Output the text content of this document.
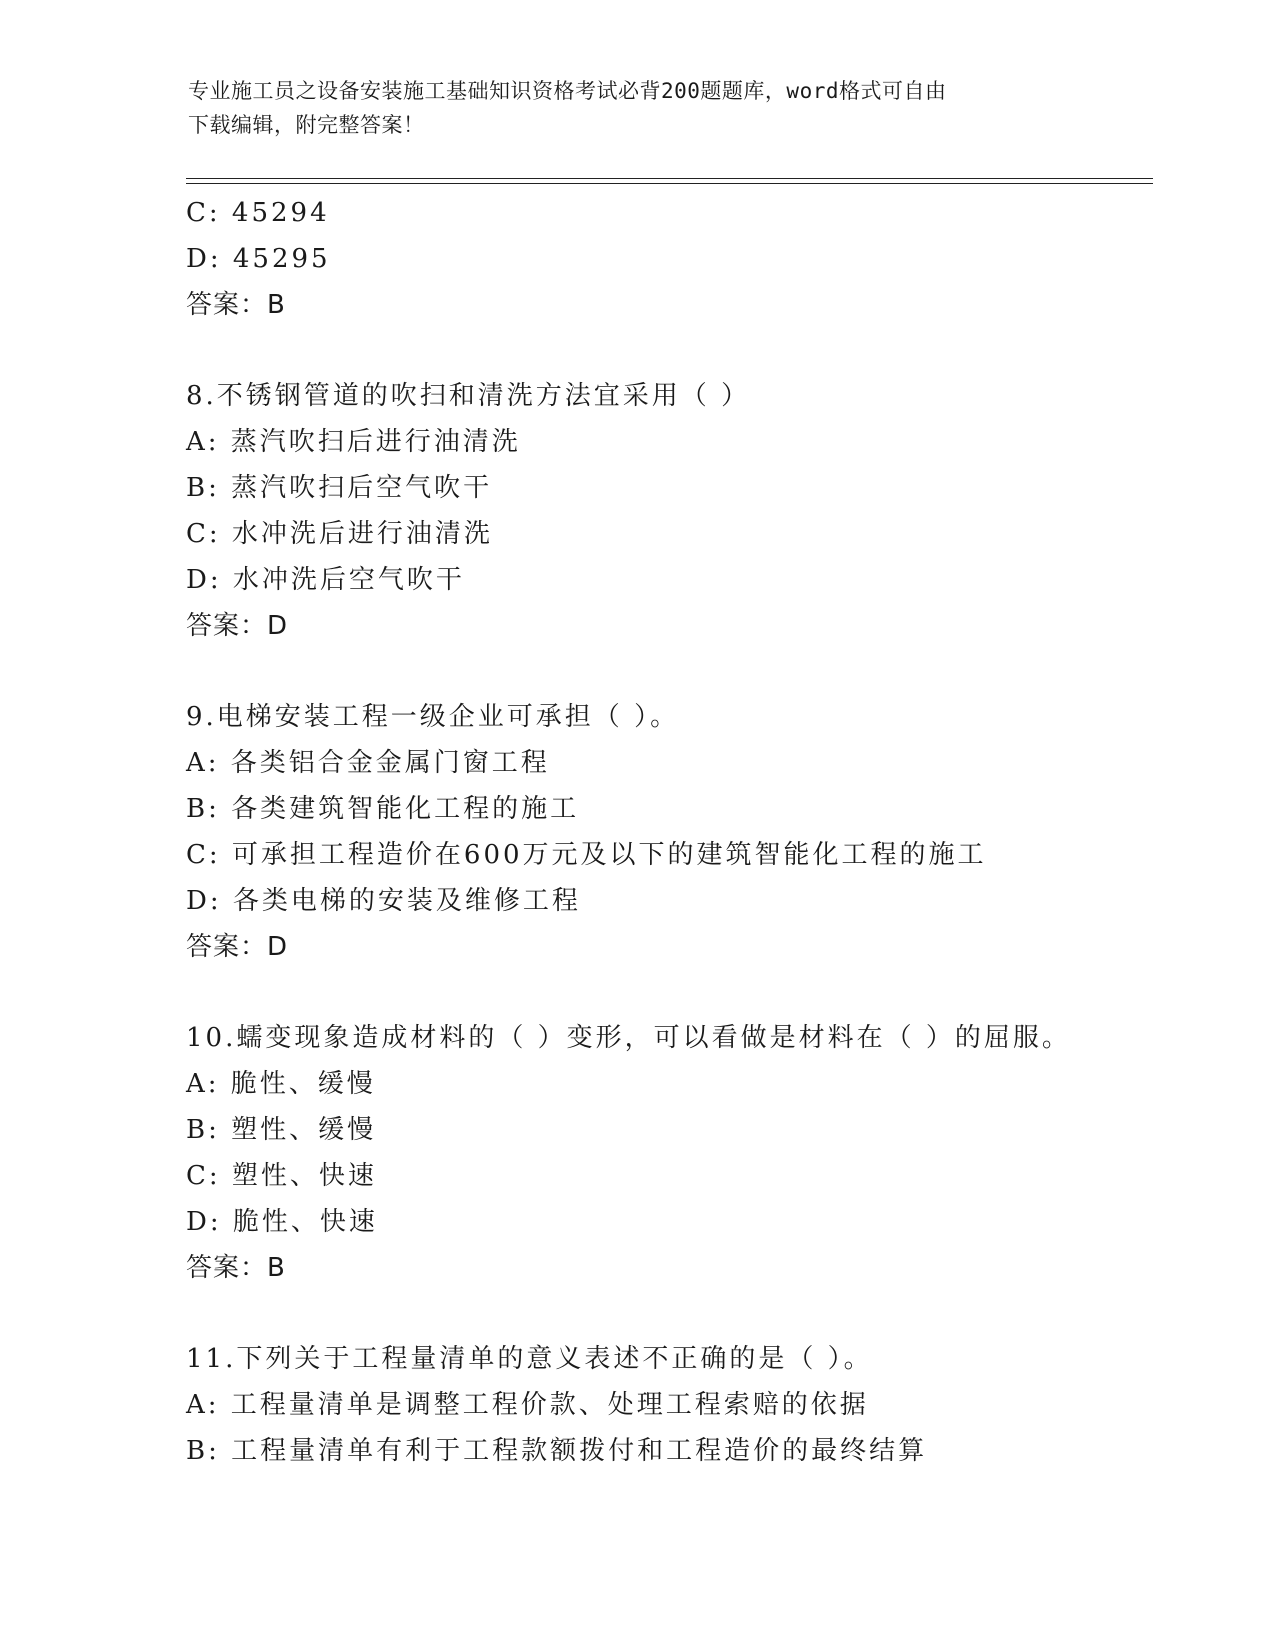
专业施工员之设备安装施工基础知识资格考试必背200题题库，word格式可自由
下载编辑，附完整答案！
C: 45294
D: 45295
答案：B
8.不锈钢管道的吹扫和清洗方法宜采用（ ）
A: 蒸汽吹扫后进行油清洗
B: 蒸汽吹扫后空气吹干
C: 水冲洗后进行油清洗
D: 水冲洗后空气吹干
答案：D
9.电梯安装工程一级企业可承担（ ）。
A: 各类铝合金金属门窗工程
B: 各类建筑智能化工程的施工
C: 可承担工程造价在600万元及以下的建筑智能化工程的施工
D: 各类电梯的安装及维修工程
答案：D
10.蠕变现象造成材料的（ ）变形，可以看做是材料在（ ）的屈服。
A: 脆性、缓慢
B: 塑性、缓慢
C: 塑性、快速
D: 脆性、快速
答案：B
11.下列关于工程量清单的意义表述不正确的是（ ）。
A: 工程量清单是调整工程价款、处理工程索赔的依据
B: 工程量清单有利于工程款额拨付和工程造价的最终结算
